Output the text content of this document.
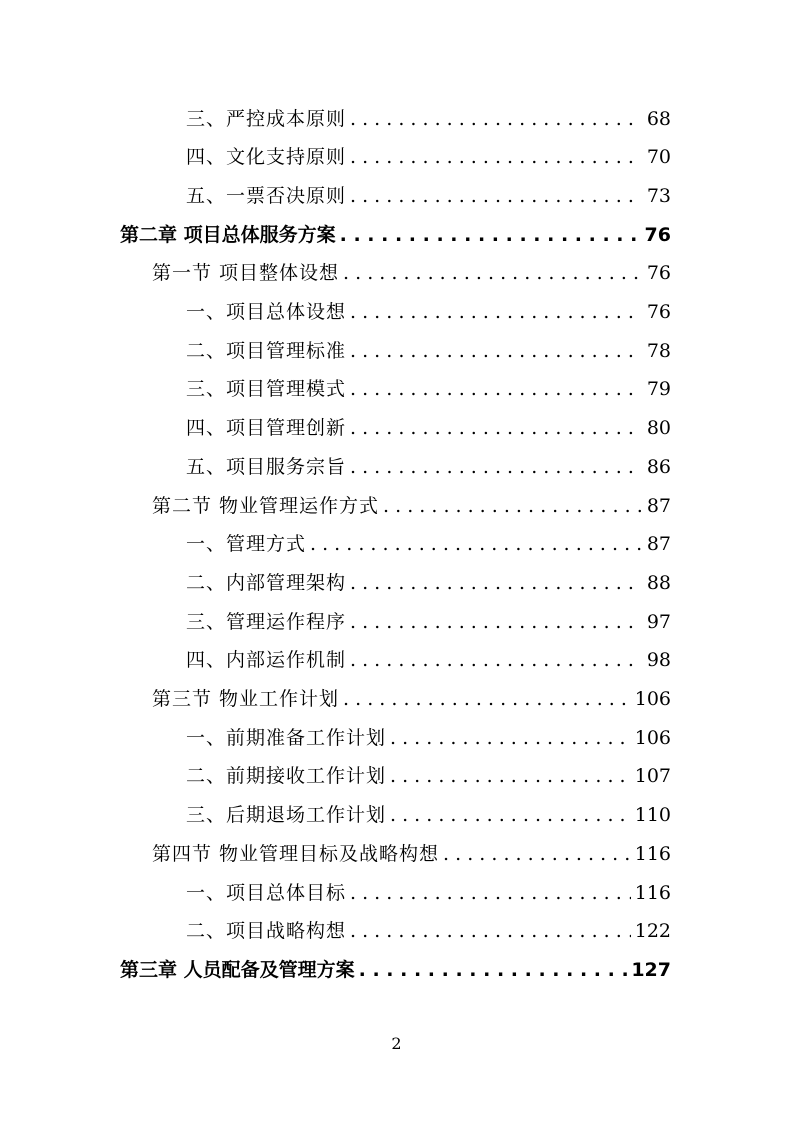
三、严控成本原则 . . .	68
四、文化支持原则 . . .	70
五、一票否决原则 . . .	73
第二章 项目总体服务方案 . . .	76
第一节 项目整体设想 . . .	76
一、项目总体设想 . . .	76
二、项目管理标准 . . .	78
三、项目管理模式 . . .	79
四、项目管理创新 . . .	80
五、项目服务宗旨 . . .	86
第二节 物业管理运作方式 . . .	87
一、管理方式 . . .	87
二、内部管理架构 . . .	88
三、管理运作程序 . . .	97
四、内部运作机制 . . .	98
第三节 物业工作计划 . . .	106
一、前期准备工作计划 . . .	106
二、前期接收工作计划 . . .	107
三、后期退场工作计划 . . .	110
第四节 物业管理目标及战略构想 . . .	116
一、项目总体目标 . . .	116
二、项目战略构想 . . .	122
第三章 人员配备及管理方案 . . .	127
2
